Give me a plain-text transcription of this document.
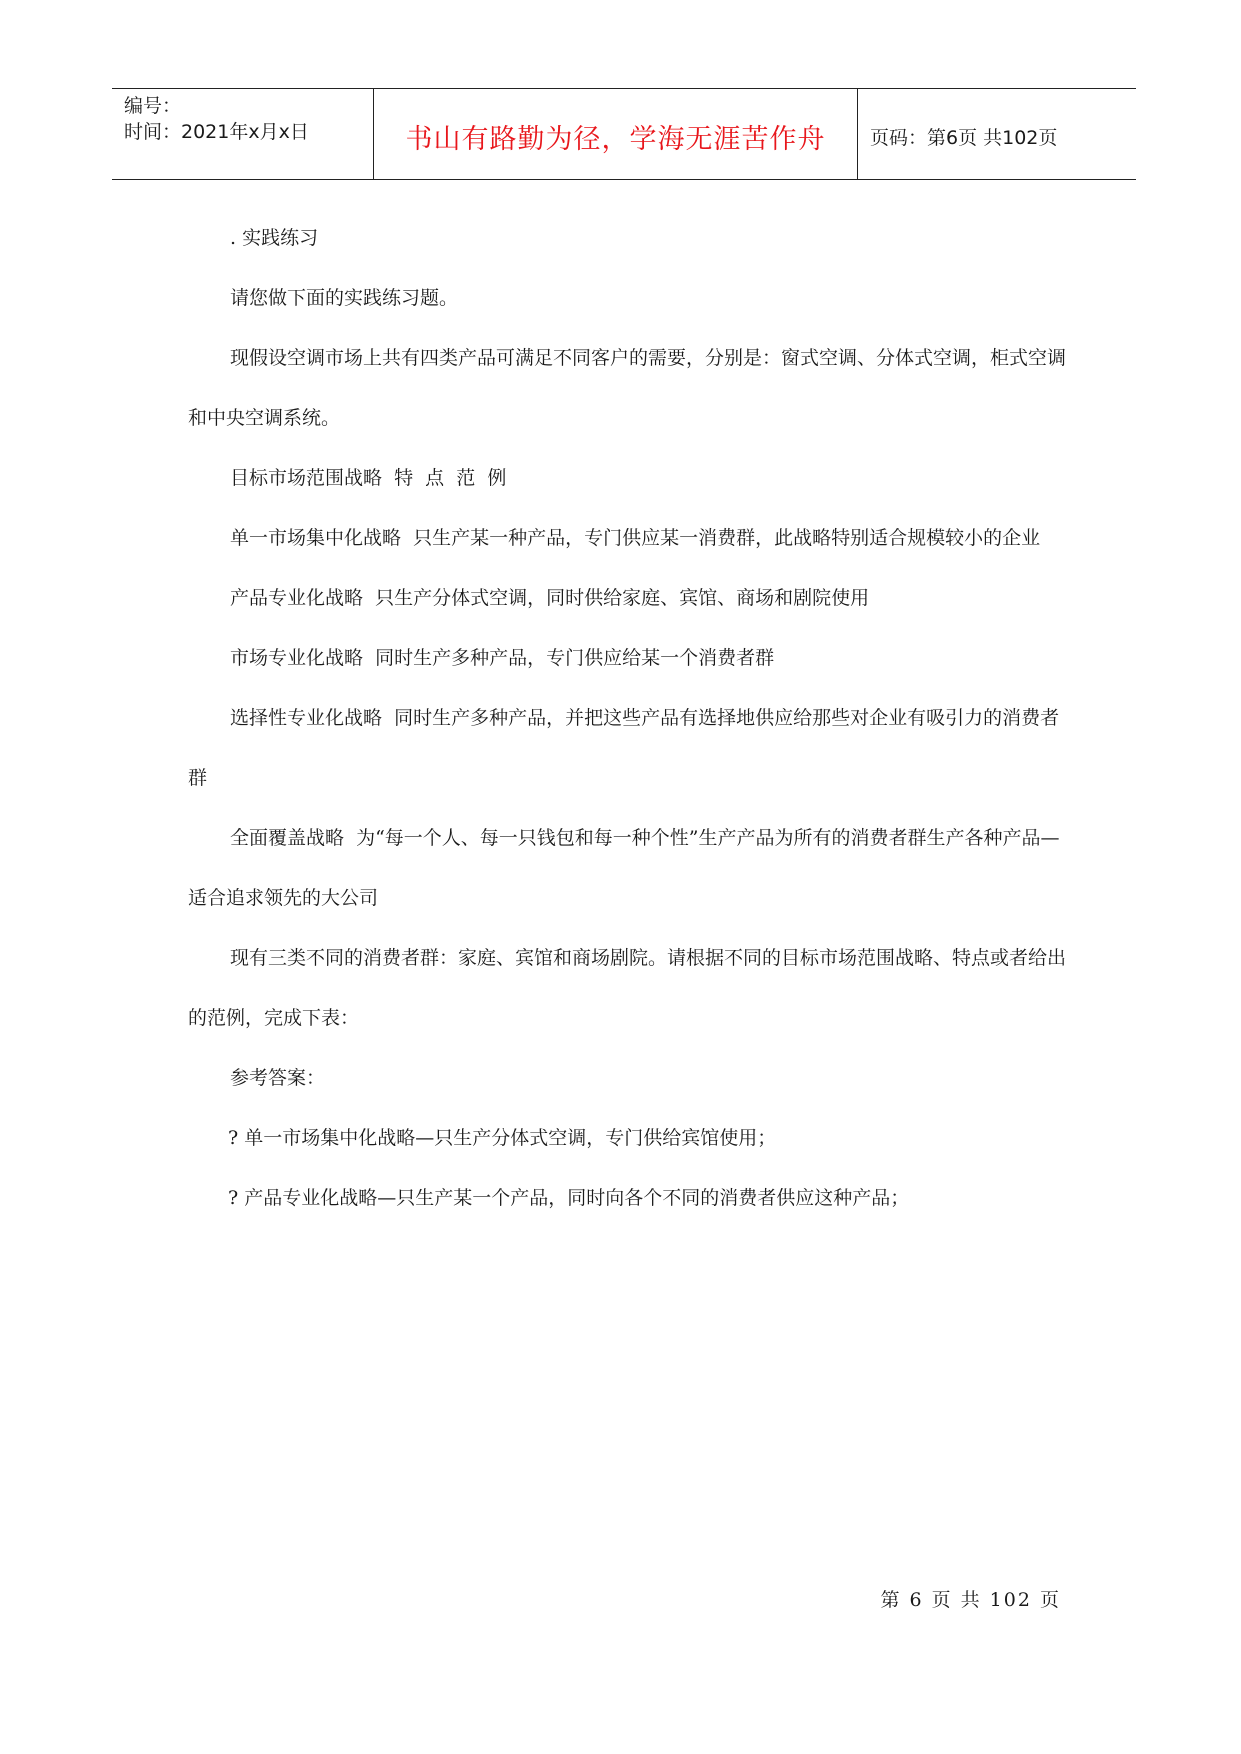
编号：
时间：2021年x月x日	书山有路勤为径，学海无涯苦作舟 页码：第6页 共102页

. 实践练习

请您做下面的实践练习题。

现假设空调市场上共有四类产品可满足不同客户的需要，分别是：窗式空调、分体式空调，柜式空调和中央空调系统。

目标市场范围战略  特  点  范  例

单一市场集中化战略  只生产某一种产品，专门供应某一消费群，此战略特别适合规模较小的企业

产品专业化战略  只生产分体式空调，同时供给家庭、宾馆、商场和剧院使用

市场专业化战略  同时生产多种产品，专门供应给某一个消费者群

选择性专业化战略  同时生产多种产品，并把这些产品有选择地供应给那些对企业有吸引力的消费者群

全面覆盖战略  为“每一个人、每一只钱包和每一种个性”生产产品为所有的消费者群生产各种产品—适合追求领先的大公司

现有三类不同的消费者群：家庭、宾馆和商场剧院。请根据不同的目标市场范围战略、特点或者给出的范例，完成下表：

参考答案：

? 单一市场集中化战略—只生产分体式空调，专门供给宾馆使用；

? 产品专业化战略—只生产某一个产品，同时向各个不同的消费者供应这种产品；

第 6 页 共 102 页
